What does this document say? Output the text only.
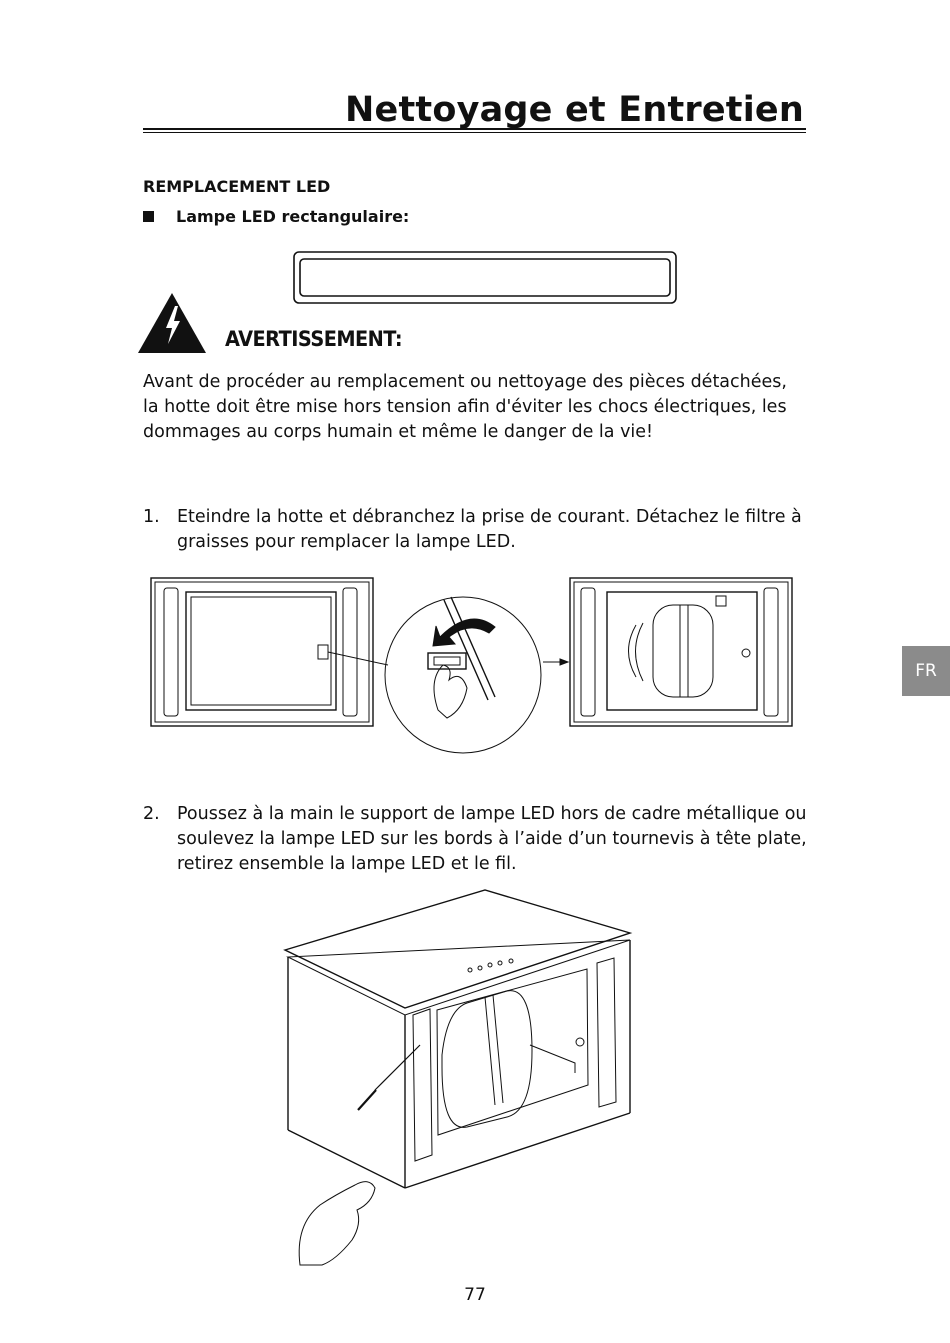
Nettoyage et Entretien
REMPLACEMENT LED
Lampe LED rectangulaire:
AVERTISSEMENT:

Avant de procéder au remplacement ou nettoyage des pièces détachées, la hotte doit être mise hors tension afin d'éviter les chocs électriques, les dommages au corps humain et même le danger de la vie!

1. Eteindre la hotte et débranchez la prise de courant. Détachez le filtre à graisses pour remplacer la lampe LED.
2. Poussez à la main le support de lampe LED hors de cadre métallique ou soulevez la lampe LED sur les bords à l’aide d’un tournevis à tête plate, retirez ensemble la lampe LED et le fil.
FR

77
